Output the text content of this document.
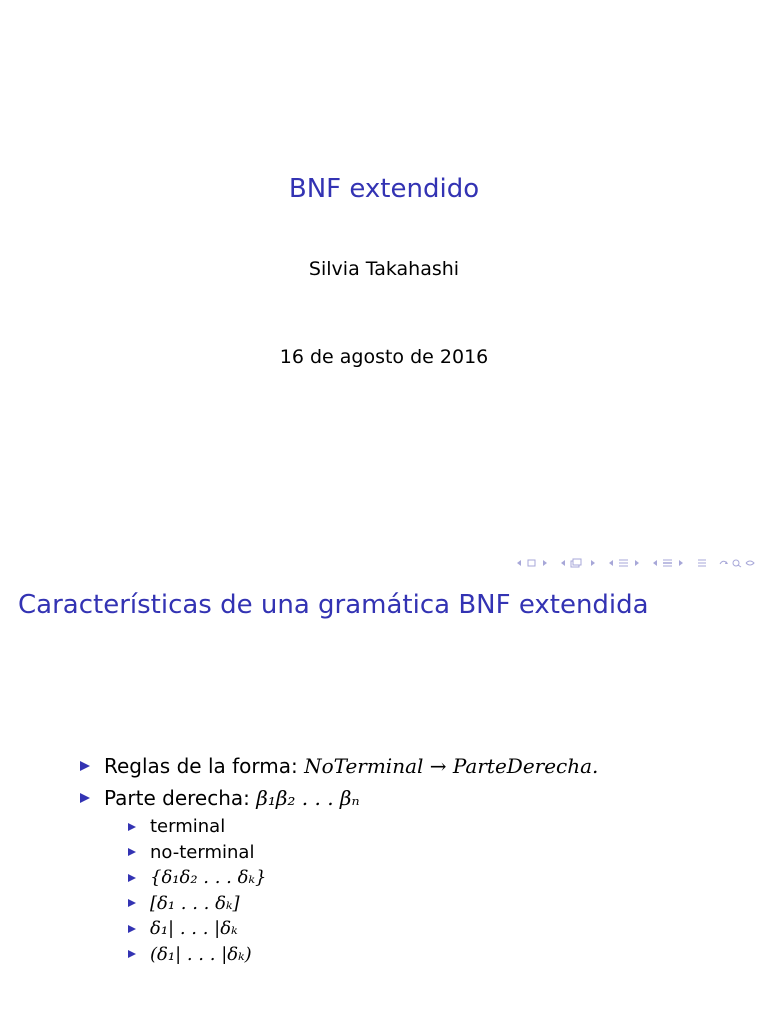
BNF extendido
Silvia Takahashi
16 de agosto de 2016
Características de una gramática BNF extendida
Reglas de la forma: NoTerminal → ParteDerecha.
Parte derecha: β₁β₂ . . . βₙ
terminal
no-terminal
{δ₁δ₂ . . . δₖ}
[δ₁ . . . δₖ]
δ₁| . . . |δₖ
(δ₁| . . . |δₖ)
